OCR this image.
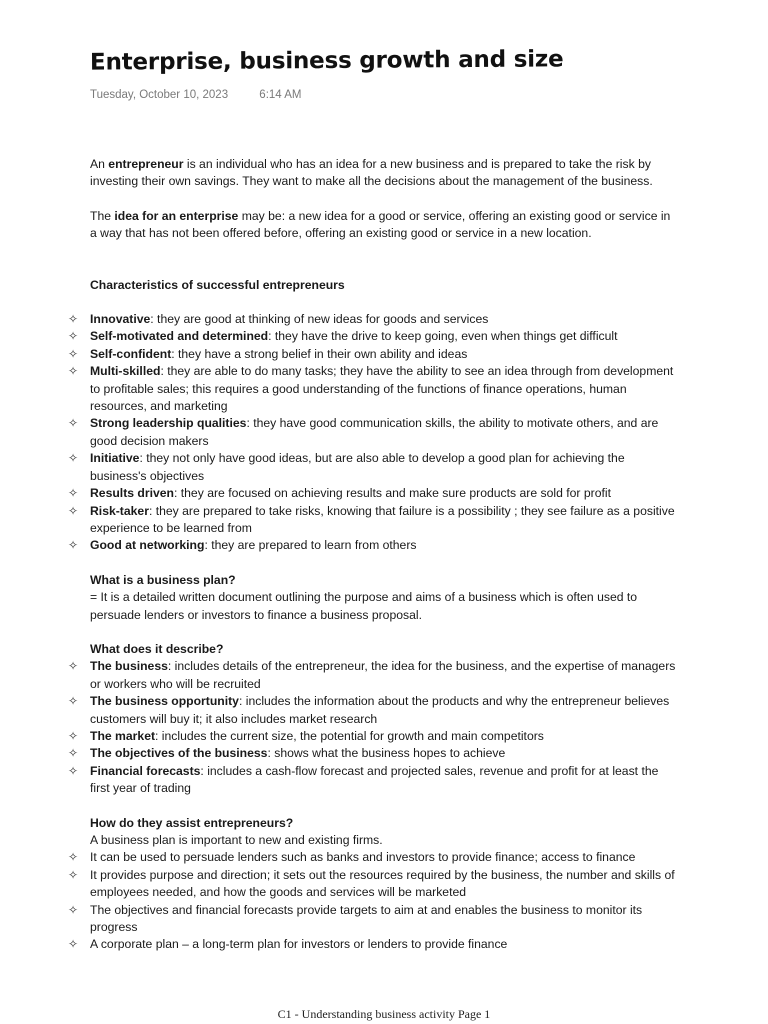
Enterprise, business growth and size
Tuesday, October 10, 2023	6:14 AM

An entrepreneur is an individual who has an idea for a new business and is prepared to take the risk by investing their own savings. They want to make all the decisions about the management of the business.

The idea for an enterprise may be: a new idea for a good or service, offering an existing good or service in a way that has not been offered before, offering an existing good or service in a new location.

Characteristics of successful entrepreneurs

✧ Innovative: they are good at thinking of new ideas for goods and services
✧ Self-motivated and determined: they have the drive to keep going, even when things get difficult
✧ Self-confident: they have a strong belief in their own ability and ideas
✧ Multi-skilled: they are able to do many tasks; they have the ability to see an idea through from development to profitable sales; this requires a good understanding of the functions of finance operations, human resources, and marketing
✧ Strong leadership qualities: they have good communication skills, the ability to motivate others, and are good decision makers
✧ Initiative: they not only have good ideas, but are also able to develop a good plan for achieving the business's objectives
✧ Results driven: they are focused on achieving results and make sure products are sold for profit
✧ Risk-taker: they are prepared to take risks, knowing that failure is a possibility ; they see failure as a positive experience to be learned from
✧ Good at networking: they are prepared to learn from others

What is a business plan?

= It is a detailed written document outlining the purpose and aims of a business which is often used to persuade lenders or investors to finance a business proposal.

What does it describe?

✧ The business: includes details of the entrepreneur, the idea for the business, and the expertise of managers or workers who will be recruited
✧ The business opportunity: includes the information about the products and why the entrepreneur believes customers will buy it; it also includes market research
✧ The market: includes the current size, the potential for growth and main competitors
✧ The objectives of the business: shows what the business hopes to achieve
✧ Financial forecasts: includes a cash-flow forecast and projected sales, revenue and profit for at least the first year of trading

How do they assist entrepreneurs?

A business plan is important to new and existing firms.

✧ It can be used to persuade lenders such as banks and investors to provide finance; access to finance
✧ It provides purpose and direction; it sets out the resources required by the business, the number and skills of employees needed, and how the goods and services will be marketed
✧ The objectives and financial forecasts provide targets to aim at and enables the business to monitor its progress
✧ A corporate plan – a long-term plan for investors or lenders to provide finance
C1 - Understanding business activity Page 1
